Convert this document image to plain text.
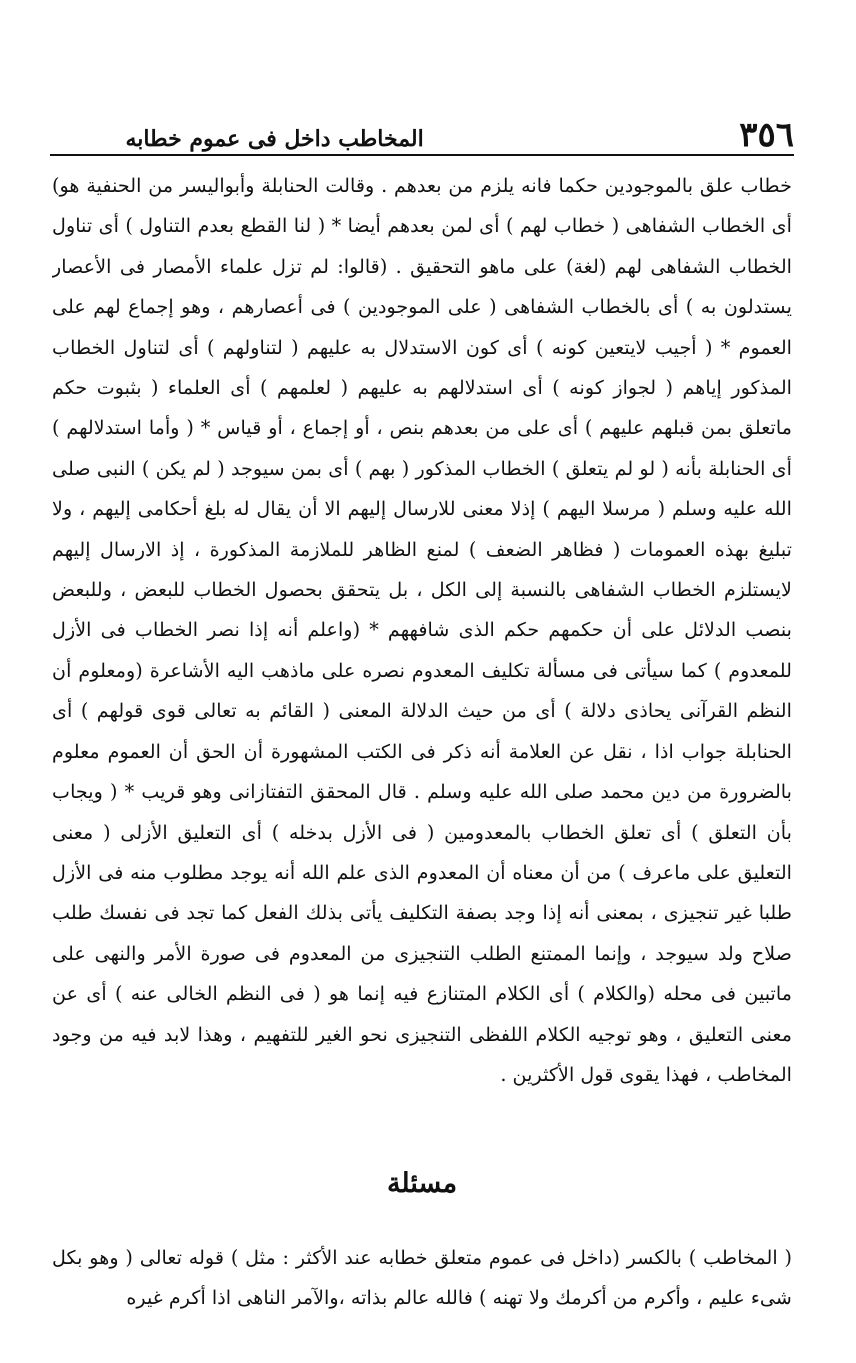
٣٥٦
المخاطب داخل فى عموم خطابه
خطاب علق بالموجودين حكما فانه يلزم من بعدهم . وقالت الحنابلة وأبواليسر من الحنفية هو) أى الخطاب الشفاهى ( خطاب لهم ) أى لمن بعدهم أيضا * ( لنا القطع بعدم التناول ) أى تناول الخطاب الشفاهى لهم (لغة) على ماهو التحقيق . (قالوا: لم تزل علماء الأمصار فى الأعصار يستدلون به ) أى بالخطاب الشفاهى ( على الموجودين ) فى أعصارهم ، وهو إجماع لهم على العموم * ( أجيب لايتعين كونه ) أى كون الاستدلال به عليهم ( لتناولهم ) أى لتناول الخطاب المذكور إياهم ( لجواز كونه ) أى استدلالهم به عليهم ( لعلمهم ) أى العلماء ( بثبوت حكم ماتعلق بمن قبلهم عليهم ) أى على من بعدهم بنص ، أو إجماع ، أو قياس * ( وأما استدلالهم ) أى الحنابلة بأنه ( لو لم يتعلق ) الخطاب المذكور ( بهم ) أى بمن سيوجد ( لم يكن ) النبى صلى الله عليه وسلم ( مرسلا اليهم ) إذلا معنى للارسال إليهم الا أن يقال له بلغ أحكامى إليهم ، ولا تبليغ بهذه العمومات ( فظاهر الضعف ) لمنع الظاهر للملازمة المذكورة ، إذ الارسال إليهم لايستلزم الخطاب الشفاهى بالنسبة إلى الكل ، بل يتحقق بحصول الخطاب للبعض ، وللبعض بنصب الدلائل على أن حكمهم حكم الذى شافههم * (واعلم أنه إذا نصر الخطاب فى الأزل للمعدوم ) كما سيأتى فى مسألة تكليف المعدوم نصره على ماذهب اليه الأشاعرة (ومعلوم أن النظم القرآنى يحاذى دلالة ) أى من حيث الدلالة المعنى ( القائم به تعالى قوى قولهم ) أى الحنابلة جواب اذا ، نقل عن العلامة أنه ذكر فى الكتب المشهورة أن الحق أن العموم معلوم بالضرورة من دين محمد صلى الله عليه وسلم . قال المحقق التفتازانى وهو قريب * ( ويجاب بأن التعلق ) أى تعلق الخطاب بالمعدومين ( فى الأزل بدخله ) أى التعليق الأزلى ( معنى التعليق على ماعرف ) من أن معناه أن المعدوم الذى علم الله أنه يوجد مطلوب منه فى الأزل طلبا غير تنجيزى ، بمعنى أنه إذا وجد بصفة التكليف يأتى بذلك الفعل كما تجد فى نفسك طلب صلاح ولد سيوجد ، وإنما الممتنع الطلب التنجيزى من المعدوم فى صورة الأمر والنهى على ماتبين فى محله (والكلام ) أى الكلام المتنازع فيه إنما هو ( فى النظم الخالى عنه ) أى عن معنى التعليق ، وهو توجيه الكلام اللفظى التنجيزى نحو الغير للتفهيم ، وهذا لابد فيه من وجود المخاطب ، فهذا يقوى قول الأكثرين .
مسئلة
( المخاطب ) بالكسر (داخل فى عموم متعلق خطابه عند الأكثر : مثل ) قوله تعالى ( وهو بكل شىء عليم ، وأكرم من أكرمك ولا تهنه ) فالله عالم بذاته ،والآمر الناهى اذا أكرم غيره
